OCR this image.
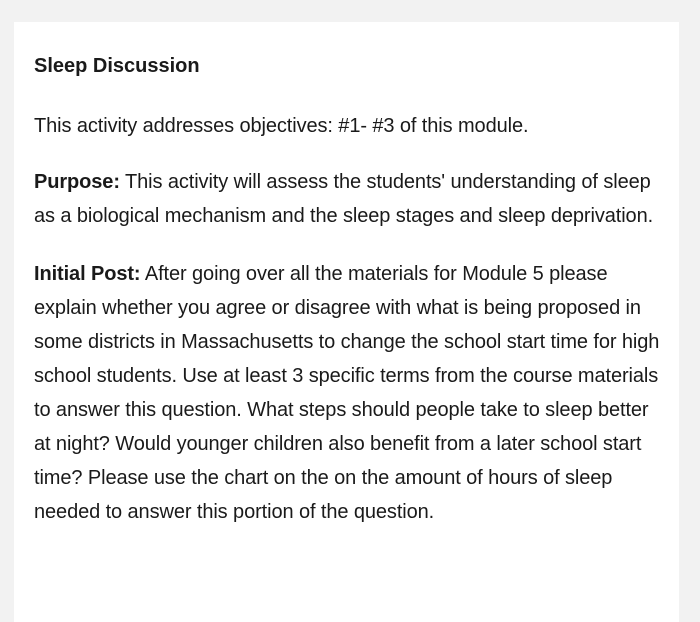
Sleep Discussion

This activity addresses objectives: #1- #3 of this module.

Purpose: This activity will assess the students' understanding of sleep as a biological mechanism and the sleep stages and sleep deprivation.

Initial Post: After going over all the materials for Module 5 please explain whether you agree or disagree with what is being proposed in some districts in Massachusetts to change the school start time for high school students. Use at least 3 specific terms from the course materials to answer this question. What steps should people take to sleep better at night? Would younger children also benefit from a later school start time? Please use the chart on the on the amount of hours of sleep needed to answer this portion of the question.
